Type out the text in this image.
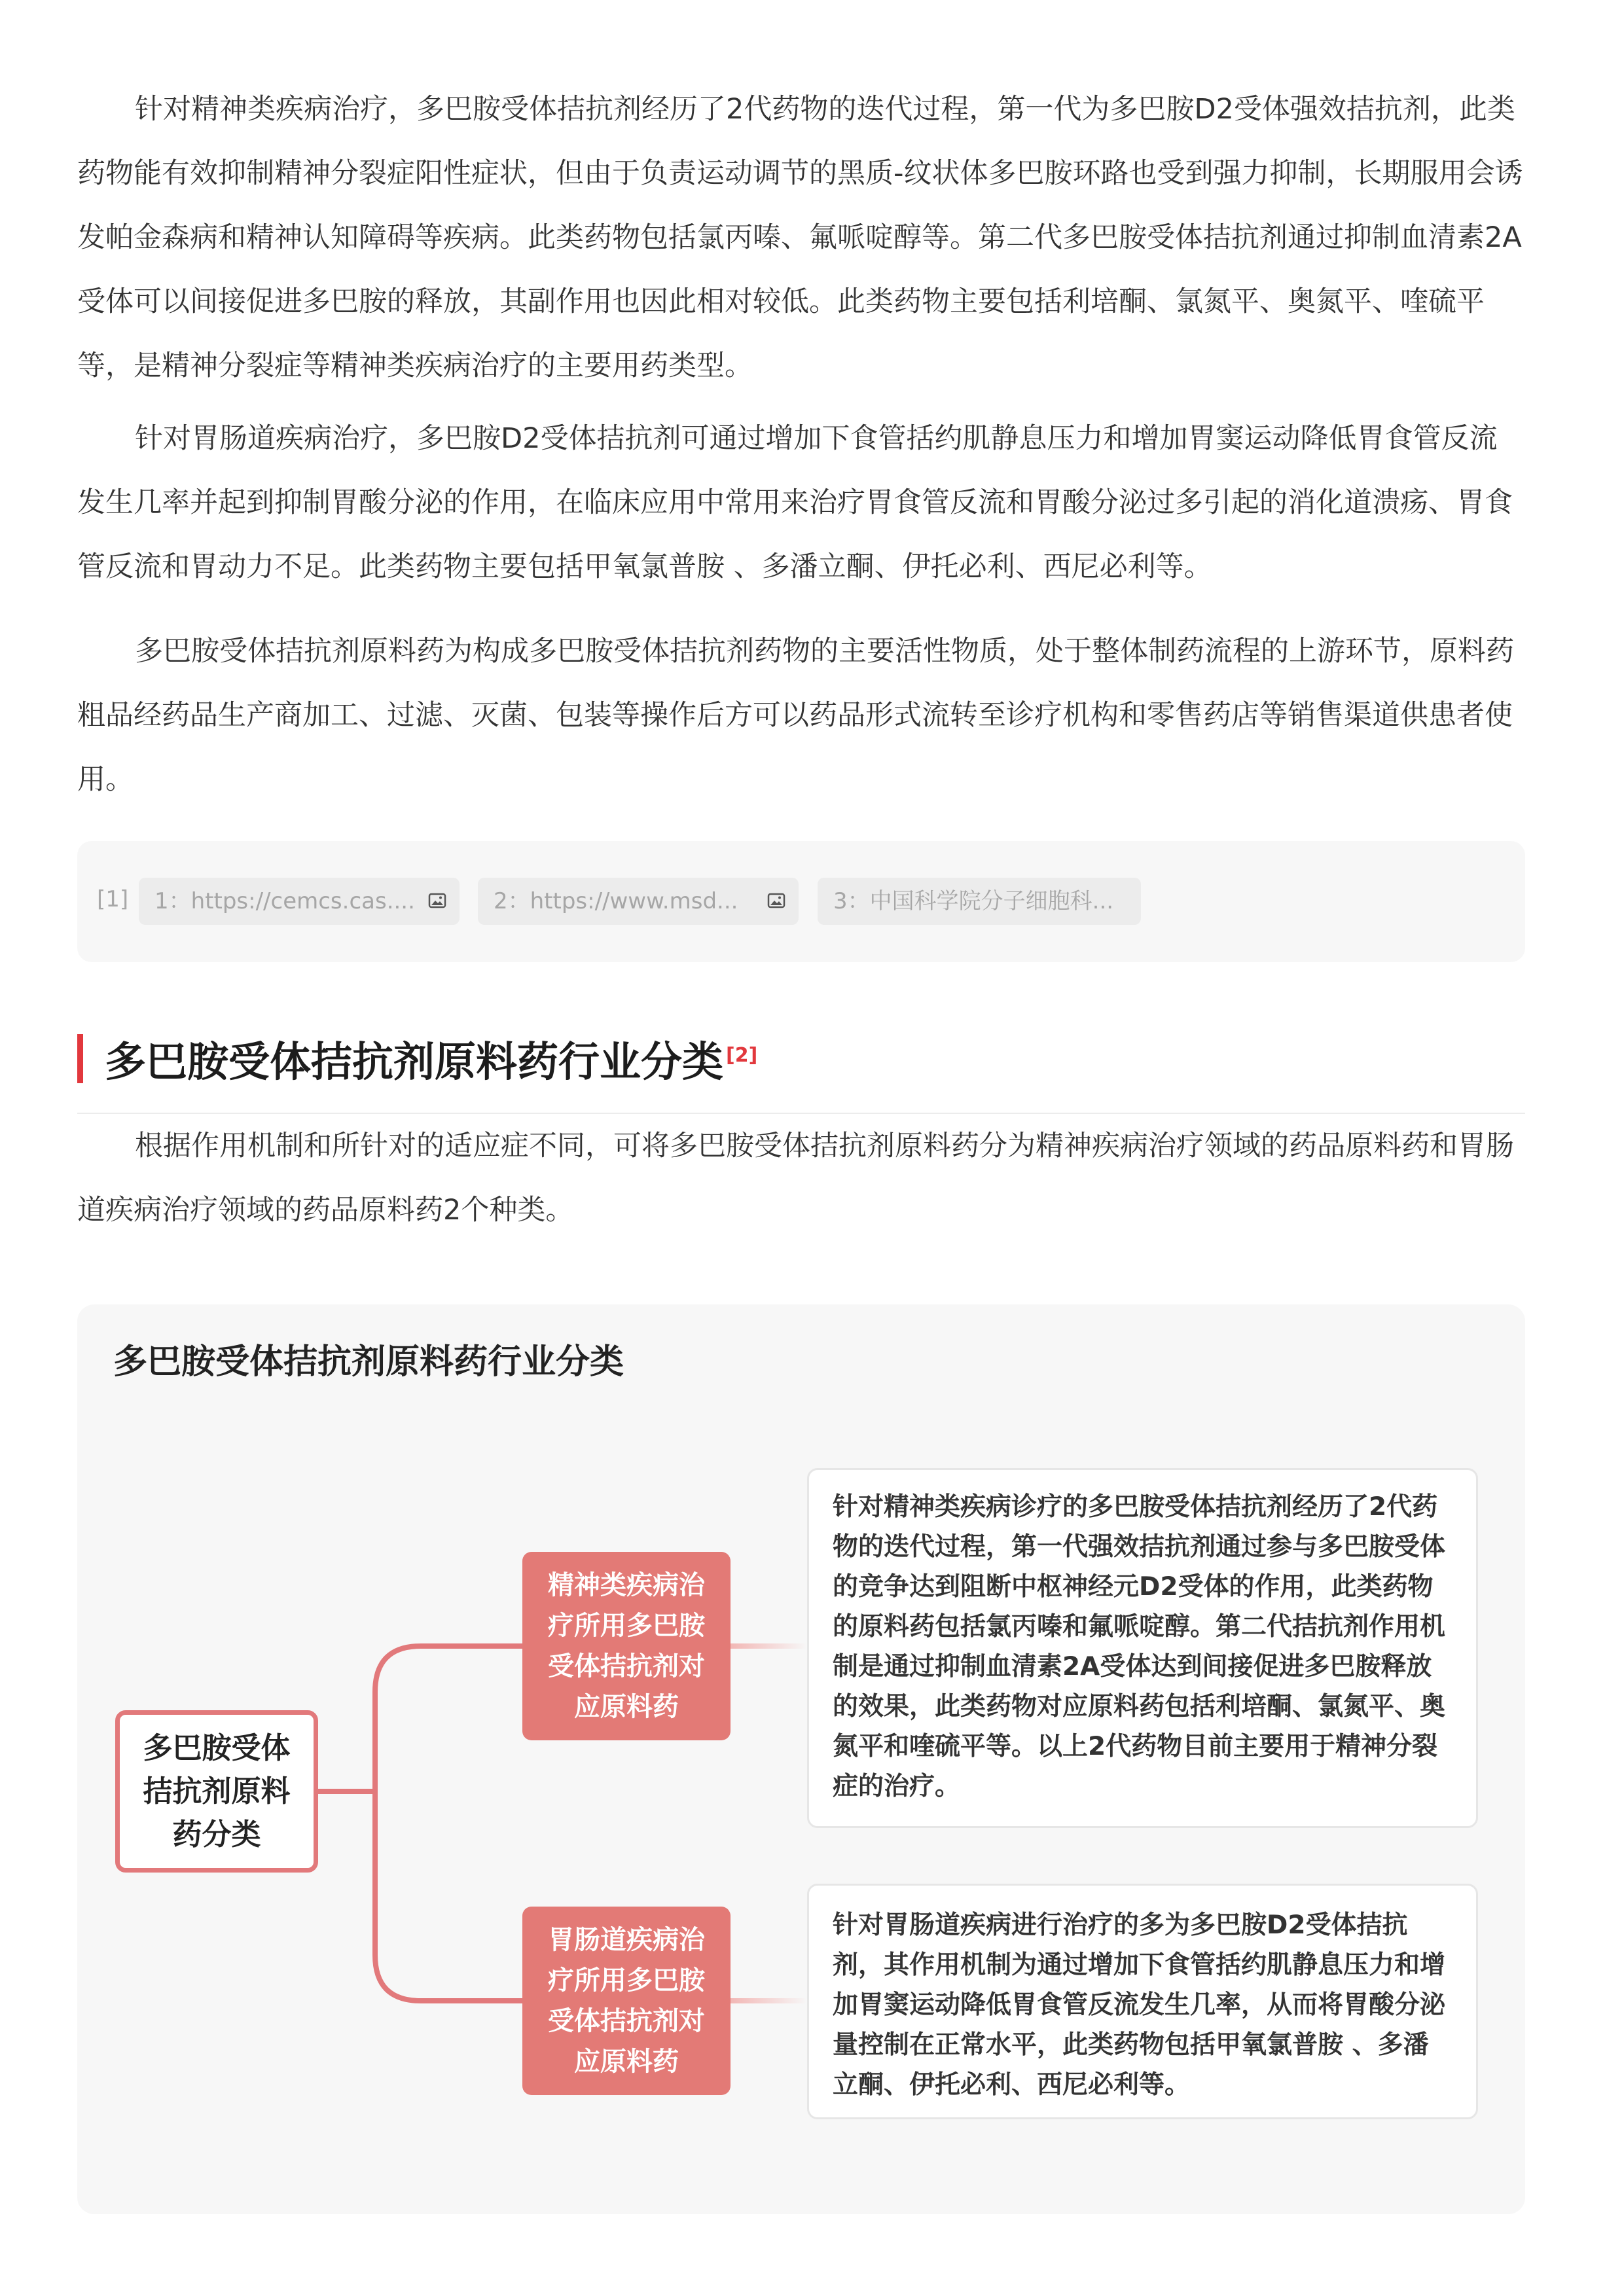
针对精神类疾病治疗，多巴胺受体拮抗剂经历了2代药物的迭代过程，第一代为多巴胺D2受体强效拮抗剂，此类药物能有效抑制精神分裂症阳性症状，但由于负责运动调节的黑质-纹状体多巴胺环路也受到强力抑制，长期服用会诱发帕金森病和精神认知障碍等疾病。此类药物包括氯丙嗪、氟哌啶醇等。第二代多巴胺受体拮抗剂通过抑制血清素2A受体可以间接促进多巴胺的释放，其副作用也因此相对较低。此类药物主要包括利培酮、氯氮平、奥氮平、喹硫平等，是精神分裂症等精神类疾病治疗的主要用药类型。

针对胃肠道疾病治疗，多巴胺D2受体拮抗剂可通过增加下食管括约肌静息压力和增加胃窦运动降低胃食管反流发生几率并起到抑制胃酸分泌的作用，在临床应用中常用来治疗胃食管反流和胃酸分泌过多引起的消化道溃疡、胃食管反流和胃动力不足。此类药物主要包括甲氧氯普胺 、多潘立酮、伊托必利、西尼必利等。

多巴胺受体拮抗剂原料药为构成多巴胺受体拮抗剂药物的主要活性物质，处于整体制药流程的上游环节，原料药粗品经药品生产商加工、过滤、灭菌、包装等操作后方可以药品形式流转至诊疗机构和零售药店等销售渠道供患者使用。

[1]	1：https://cemcs.cas....	2：https://www.msd...	3：中国科学院分子细胞科...
多巴胺受体拮抗剂原料药行业分类 [2]

根据作用机制和所针对的适应症不同，可将多巴胺受体拮抗剂原料药分为精神疾病治疗领域的药品原料药和胃肠道疾病治疗领域的药品原料药2个种类。

多巴胺受体拮抗剂原料药行业分类
多巴胺受体拮抗剂原料药分类
精神类疾病治疗所用多巴胺受体拮抗剂对应原料药
胃肠道疾病治疗所用多巴胺受体拮抗剂对应原料药
针对精神类疾病诊疗的多巴胺受体拮抗剂经历了2代药物的迭代过程，第一代强效拮抗剂通过参与多巴胺受体的竞争达到阻断中枢神经元D2受体的作用，此类药物的原料药包括氯丙嗪和氟哌啶醇。第二代拮抗剂作用机制是通过抑制血清素2A受体达到间接促进多巴胺释放的效果，此类药物对应原料药包括利培酮、氯氮平、奥氮平和喹硫平等。以上2代药物目前主要用于精神分裂症的治疗。
针对胃肠道疾病进行治疗的多为多巴胺D2受体拮抗剂，其作用机制为通过增加下食管括约肌静息压力和增加胃窦运动降低胃食管反流发生几率，从而将胃酸分泌量控制在正常水平，此类药物包括甲氧氯普胺 、多潘立酮、伊托必利、西尼必利等。
